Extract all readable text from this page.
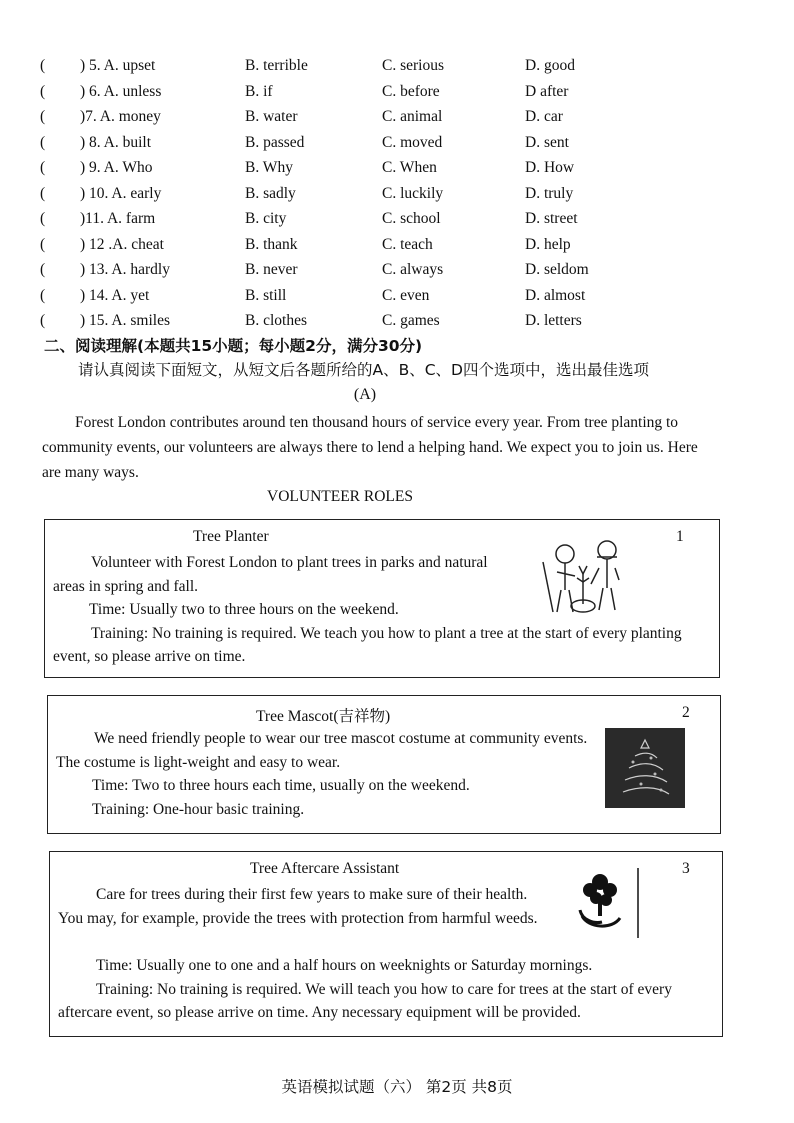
( ) 5. A. upset	B. terrible	C. serious	D. good
( ) 6. A. unless	B. if	C. before	D after
( )7. A. money	B. water	C. animal	D. car
( ) 8. A. built	B. passed	C. moved	D. sent
( ) 9. A. Who	B. Why	C. When	D. How
( ) 10. A. early	B. sadly	C. luckily	D. truly
( )11. A. farm	B. city	C. school	D. street
( ) 12 .A. cheat	B. thank	C. teach	D. help
( ) 13. A. hardly	B. never	C. always	D. seldom
( ) 14. A. yet	B. still	C. even	D. almost
( ) 15. A. smiles	B. clothes	C. games	D. letters
二、阅读理解(本题共15小题；每小题2分，满分30分)
请认真阅读下面短文，从短文后各题所给的A、B、C、D四个选项中，选出最佳选项
(A)
Forest London contributes around ten thousand hours of service every year. From tree planting to community events, our volunteers are always there to lend a helping hand. We expect you to join us. Here are many ways.
VOLUNTEER ROLES
Tree Planter	1

Volunteer with Forest London to plant trees in parks and natural areas in spring and fall.

Time: Usually two to three hours on the weekend.

Training: No training is required. We teach you how to plant a tree at the start of every planting event, so please arrive on time.

Tree Mascot(吉祥物)	2

We need friendly people to wear our tree mascot costume at community events. The costume is light-weight and easy to wear.

Time: Two to three hours each time, usually on the weekend.

Training: One-hour basic training.

Tree Aftercare Assistant	3

Care for trees during their first few years to make sure of their health. You may, for example, provide the trees with protection from harmful weeds.

Time: Usually one to one and a half hours on weeknights or Saturday mornings.

Training: No training is required. We will teach you how to care for trees at the start of every aftercare event, so please arrive on time. Any necessary equipment will be provided.

英语模拟试题（六） 第2页 共8页
